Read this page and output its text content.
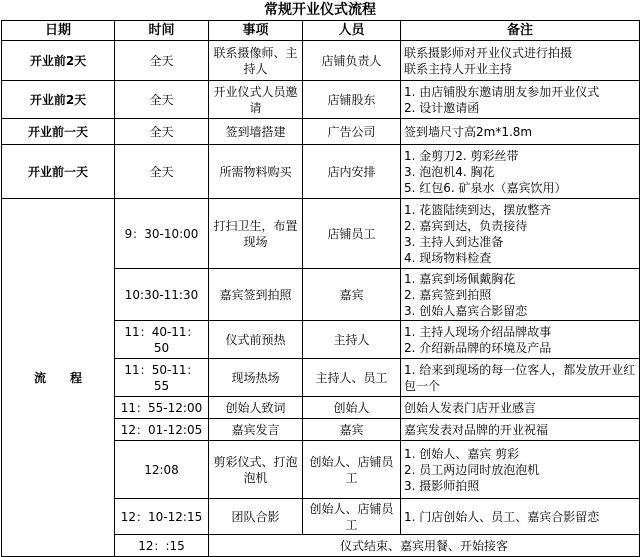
常规开业仪式流程
日期	时间	事项	人员	备注
开业前2天	全天	联系摄像师、主持人	店铺负责人	联系摄影师对开业仪式进行拍摄
联系主持人开业主持

开业前2天	全天	开业仪式人员邀请	店铺股东	1. 由店铺股东邀请朋友参加开业仪式
2. 设计邀请函

开业前一天	全天	签到墙搭建	广告公司	签到墙尺寸高2m*1.8m
开业前一天	全天	所需物料购买	店内安排	1. 金剪刀2. 剪彩丝带
3. 泡泡机4. 胸花
5. 红包6. 矿泉水（嘉宾饮用）

流　　程	9：30-10:00	打扫卫生，布置现场	店铺员工	1. 花篮陆续到达，摆放整齐
2. 嘉宾到达，负责接待
3. 主持人到达准备
4. 现场物料检查

	10:30-11:30	嘉宾签到拍照	嘉宾	1. 嘉宾到场佩戴胸花
2. 嘉宾签到拍照
3. 创始人嘉宾合影留恋

	11：40-11：50	仪式前预热	主持人	1. 主持人现场介绍品牌故事
2. 介绍新品牌的环境及产品

	11：50-11：55	现场热场	主持人、员工	1. 给来到现场的每一位客人，都发放开业红包一个

	11：55-12:00	创始人致词	创始人	创始人发表门店开业感言
	12：01-12:05	嘉宾发言	嘉宾	嘉宾发表对品牌的开业祝福
	12:08	剪彩仪式、打泡泡机	创始人、店铺员工	1. 创始人、嘉宾 剪彩
2. 员工两边同时放泡泡机
3. 摄影师拍照

	12：10-12:15	团队合影	创始人、店铺员工	1. 门店创始人、员工、嘉宾合影留恋
	12：:15	仪式结束、嘉宾用餐、开始接客		
